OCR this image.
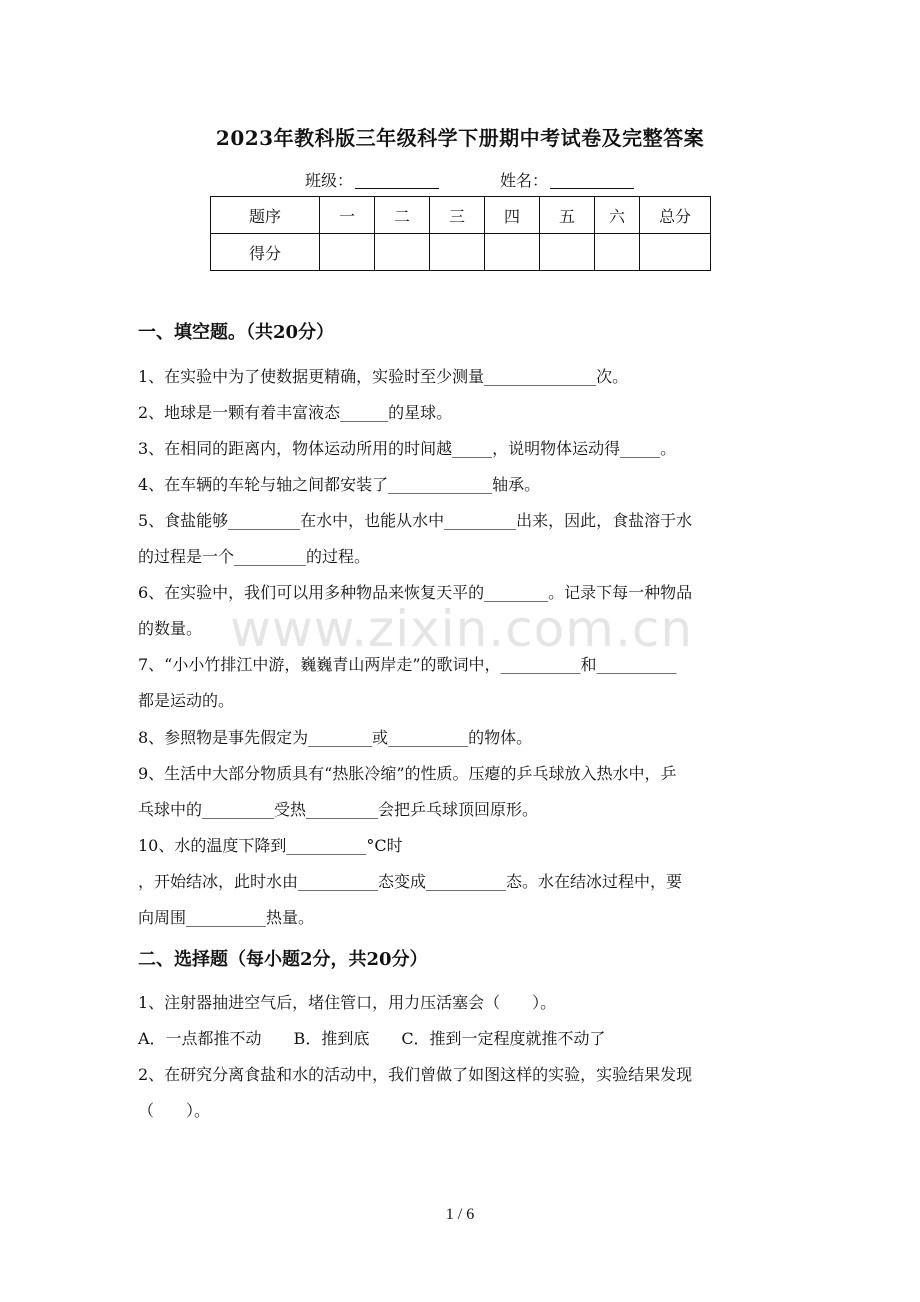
2023年教科版三年级科学下册期中考试卷及完整答案
班级：	姓名：
题序	一	二	三	四	五	六	总分
得分							
一、填空题。（共20分）
1、在实验中为了使数据更精确，实验时至少测量______________次。
2、地球是一颗有着丰富液态______的星球。
3、在相同的距离内，物体运动所用的时间越_____，说明物体运动得_____。
4、在车辆的车轮与轴之间都安装了_____________轴承。
5、食盐能够_________在水中，也能从水中_________出来，因此，食盐溶于水
的过程是一个_________的过程。
6、在实验中，我们可以用多种物品来恢复天平的________。记录下每一种物品
的数量。
7、“小小竹排江中游，巍巍青山两岸走”的歌词中，__________和__________
都是运动的。
8、参照物是事先假定为________或__________的物体。
9、生活中大部分物质具有“热胀冷缩”的性质。压瘪的乒乓球放入热水中，乒
乓球中的_________受热_________会把乒乓球顶回原形。
10、水的温度下降到__________°C时
，开始结冰，此时水由__________态变成__________态。水在结冰过程中，要
向周围__________热量。
二、选择题（每小题2分，共20分）
1、注射器抽进空气后，堵住管口，用力压活塞会（　　）。
A．一点都推不动　　B．推到底　　C．推到一定程度就推不动了
2、在研究分离食盐和水的活动中，我们曾做了如图这样的实验，实验结果发现
（　　）。
www.zixin.com.cn
1 / 6
